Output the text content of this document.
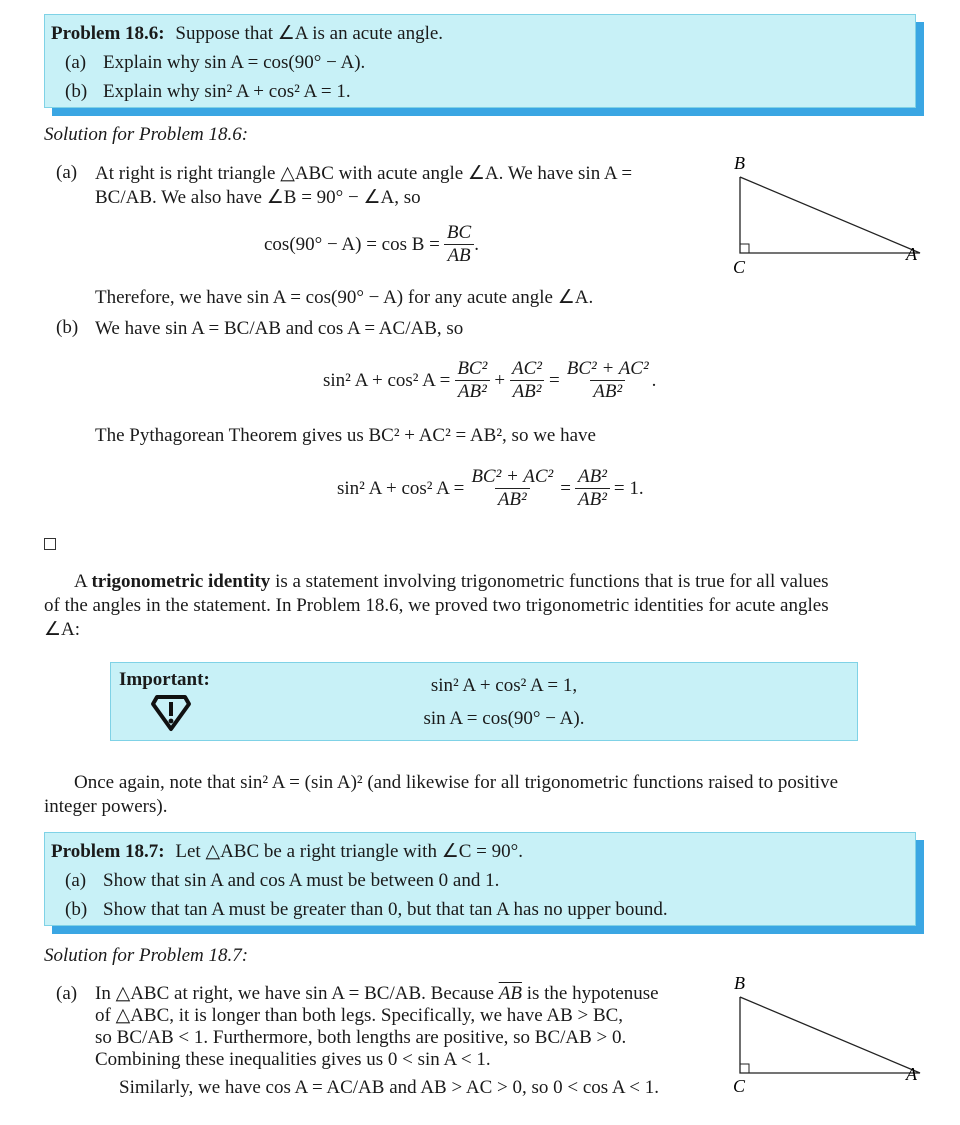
Problem 18.6: Suppose that ∠A is an acute angle.
(a) Explain why sin A = cos(90° − A).
(b) Explain why sin² A + cos² A = 1.
Solution for Problem 18.6:
(a) At right is right triangle △ABC with acute angle ∠A. We have sin A =
BC/AB. We also have ∠B = 90° − ∠A, so
$\cos(90^\circ - A) = \cos B = \frac{BC}{AB}$ .
Therefore, we have sin A = cos(90° − A) for any acute angle ∠A.
B
C
A
(b) We have sin A = BC/AB and cos A = AC/AB, so
sin² A + cos² $A = \frac{\text{BC²}}{\text{AB²}} + \frac{\text{AC²}}{\text{AB²}} = \frac{\text{BC² + AC²}}{\text{AB²}}$ .
The Pythagorean Theorem gives us BC² + AC² = AB², so we have
sin² A + cos² $A = \frac{\text{BC² + AC²}}{\text{AB²}} = \frac{\text{AB²}}{\text{AB²}} = 1$.
A trigonometric identity is a statement involving trigonometric functions that is true for all values
of the angles in the statement. In Problem 18.6, we proved two trigonometric identities for acute angles
∠A:
Important:	sin² A + cos² A = 1,
sin A = cos(90° − A).
Once again, note that sin² A = (sin A)² (and likewise for all trigonometric functions raised to positive
integer powers).
Problem 18.7: Let △ABC be a right triangle with ∠C = 90°.
(a) Show that sin A and cos A must be between 0 and 1.
(b) Show that tan A must be greater than 0, but that tan A has no upper bound.
Solution for Problem 18.7:
(a) In △ABC at right, we have sin A = BC/AB. Because $\overline{AB}$ is the hypotenuse
of △ABC, it is longer than both legs. Specifically, we have AB > BC,
so BC/AB < 1. Furthermore, both lengths are positive, so BC/AB > 0.
Combining these inequalities gives us 0 < sin A < 1.
Similarly, we have cos A = AC/AB and AB > AC > 0, so 0 < cos A < 1.
B
C
A
